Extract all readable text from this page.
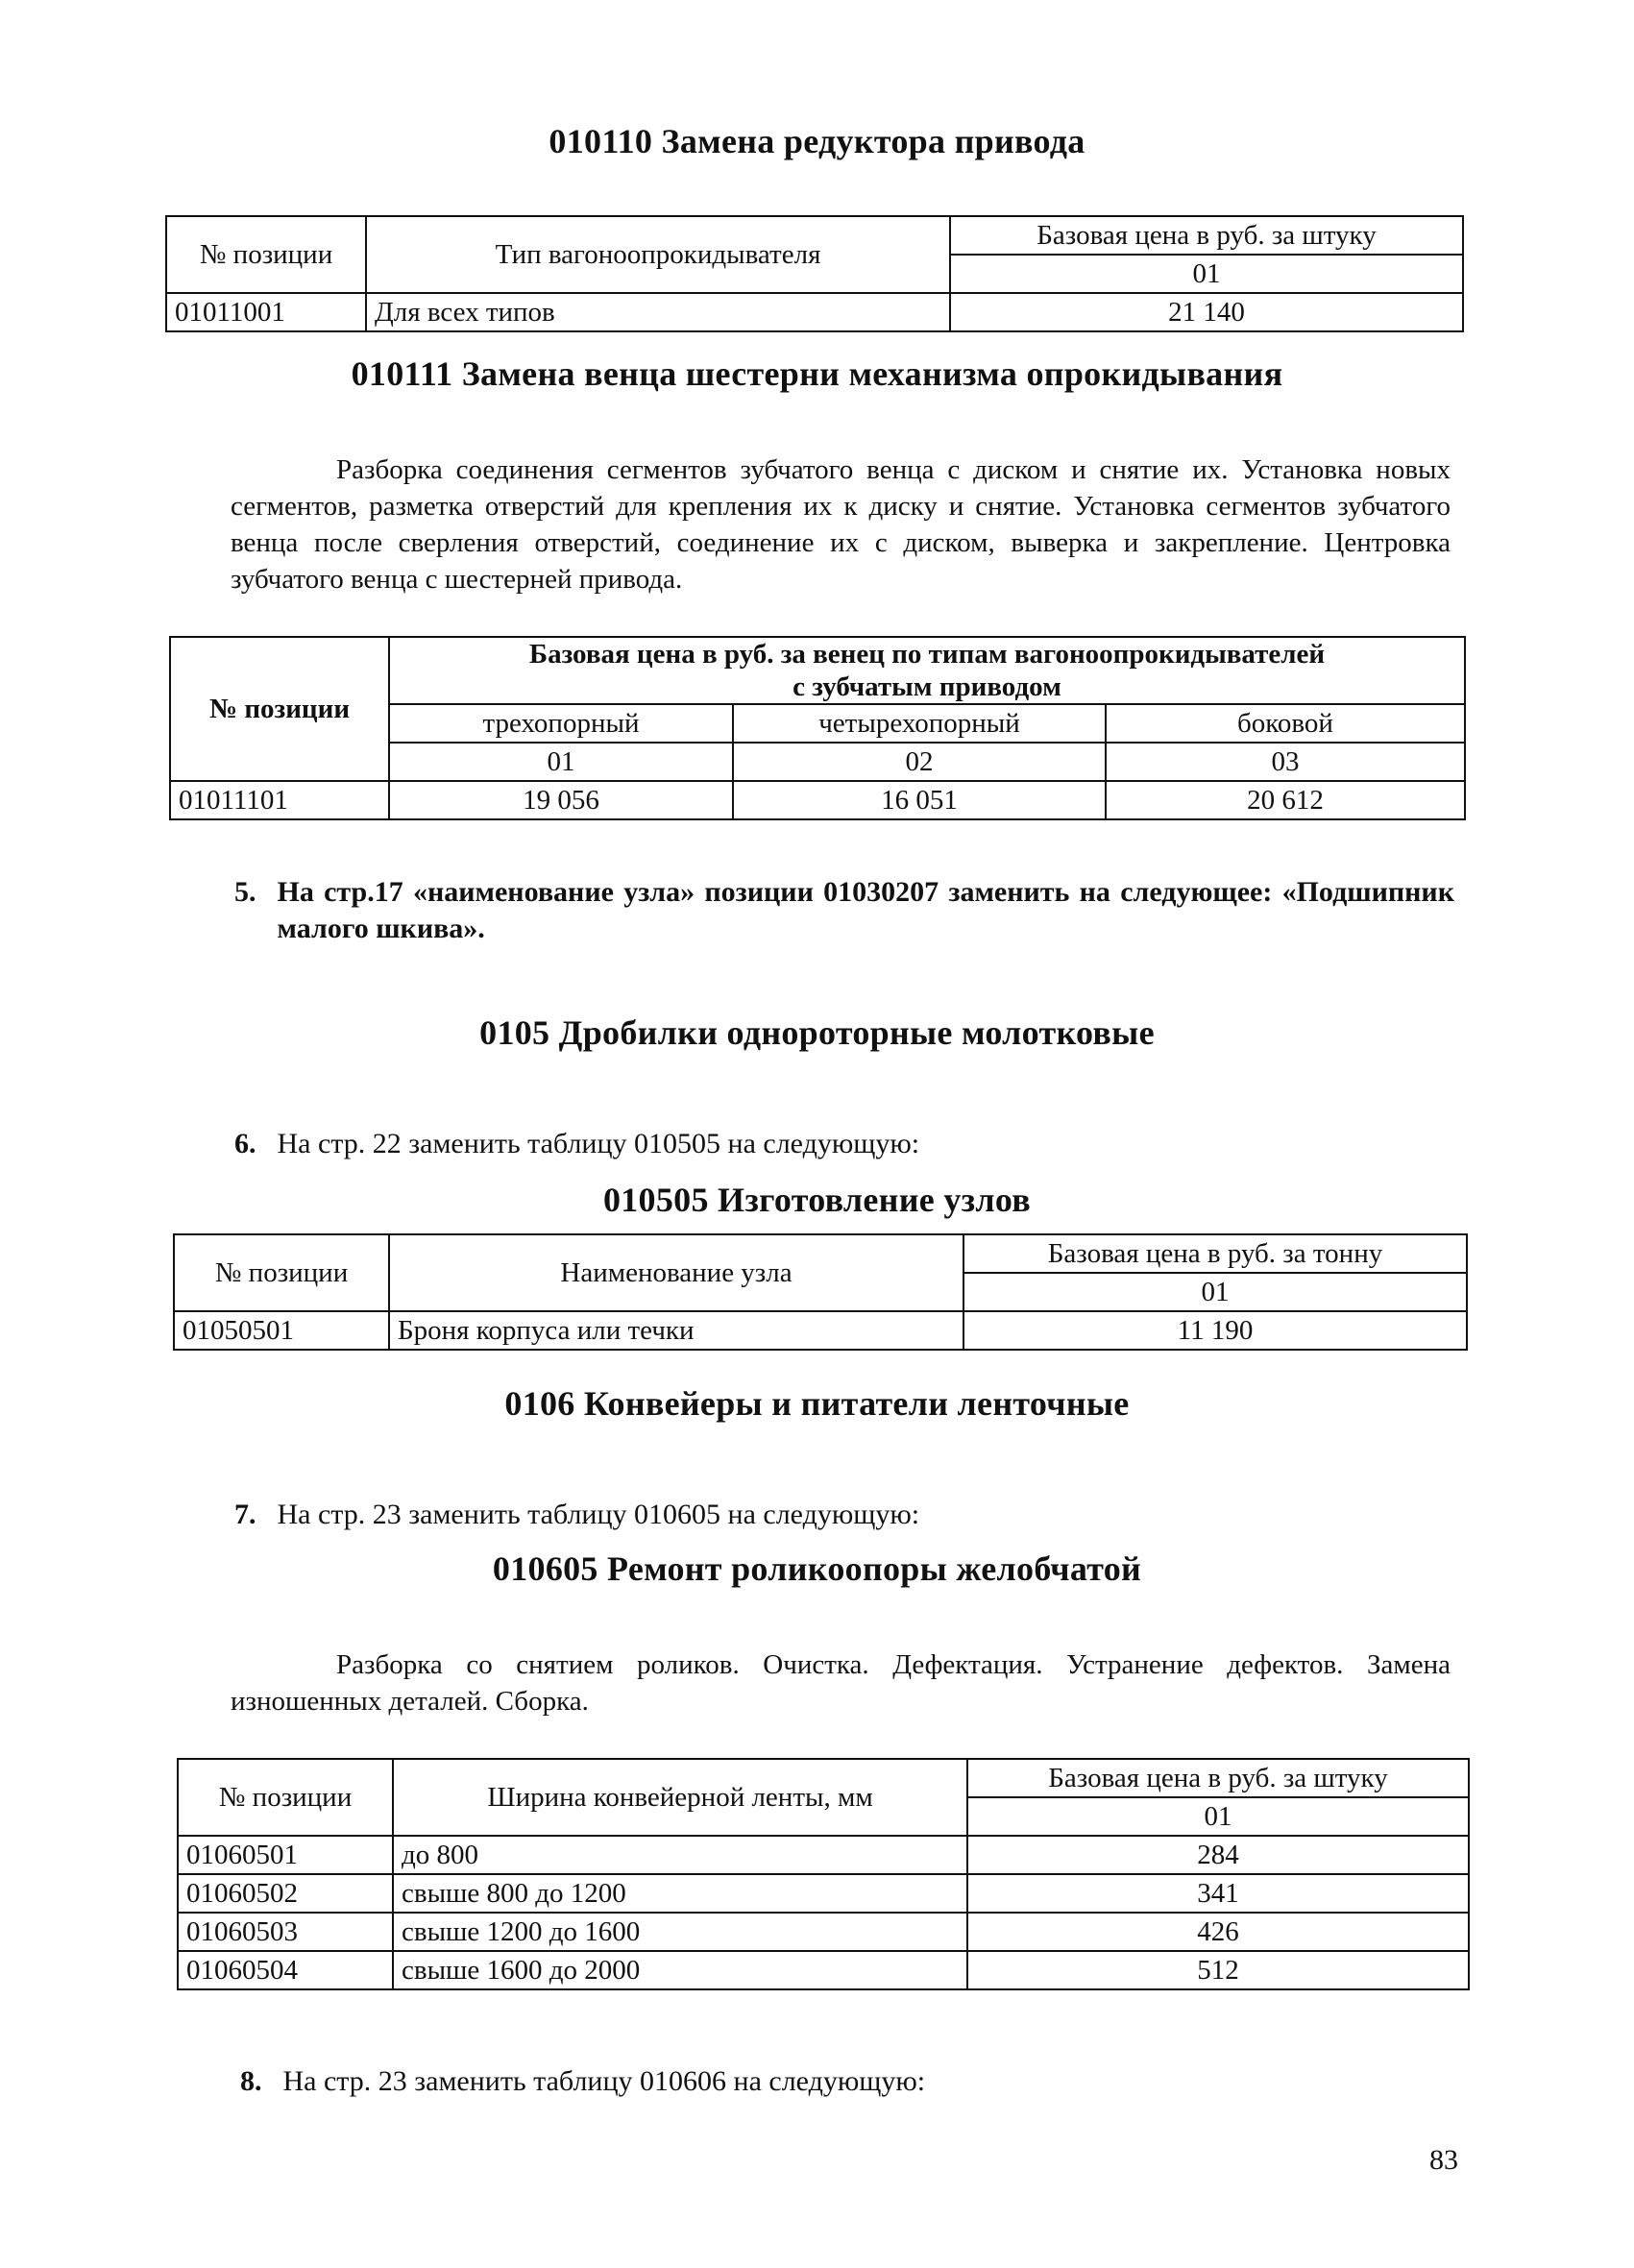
010110 Замена редуктора привода
№ позиции	Тип вагоноопрокидывателя	Базовая цена в руб. за штуку
		01
01011001	Для всех типов	21 140
010111 Замена венца шестерни механизма опрокидывания

Разборка соединения сегментов зубчатого венца с диском и снятие их. Установка новых сегментов, разметка отверстий для крепления их к диску и снятие. Установка сегментов зубчатого венца после сверления отверстий, соединение их с диском, выверка и закрепление. Центровка зубчатого венца с шестерней привода.

№ позиции	Базовая цена в руб. за венец по типам вагоноопрокидывателей
с зубчатым приводом		

	трехопорный	четырехопорный	боковой
	01	02	03
01011101	19 056	16 051	20 612
5. На стр.17 «наименование узла» позиции 01030207 заменить на следующее: «Подшипник малого шкива».
0105 Дробилки однороторные молотковые
6. На стр. 22 заменить таблицу 010505 на следующую:
010505 Изготовление узлов
№ позиции	Наименование узла	Базовая цена в руб. за тонну
		01
01050501	Броня корпуса или течки	11 190
0106 Конвейеры и питатели ленточные
7. На стр. 23 заменить таблицу 010605 на следующую:
010605 Ремонт роликоопоры желобчатой

Разборка со снятием роликов. Очистка. Дефектация. Устранение дефектов. Замена изношенных деталей. Сборка.

№ позиции	Ширина конвейерной ленты, мм	Базовая цена в руб. за штуку
		01
01060501	до 800	284
01060502	свыше 800 до 1200	341
01060503	свыше 1200 до 1600	426
01060504	свыше 1600 до 2000	512
8. На стр. 23 заменить таблицу 010606 на следующую:
83
